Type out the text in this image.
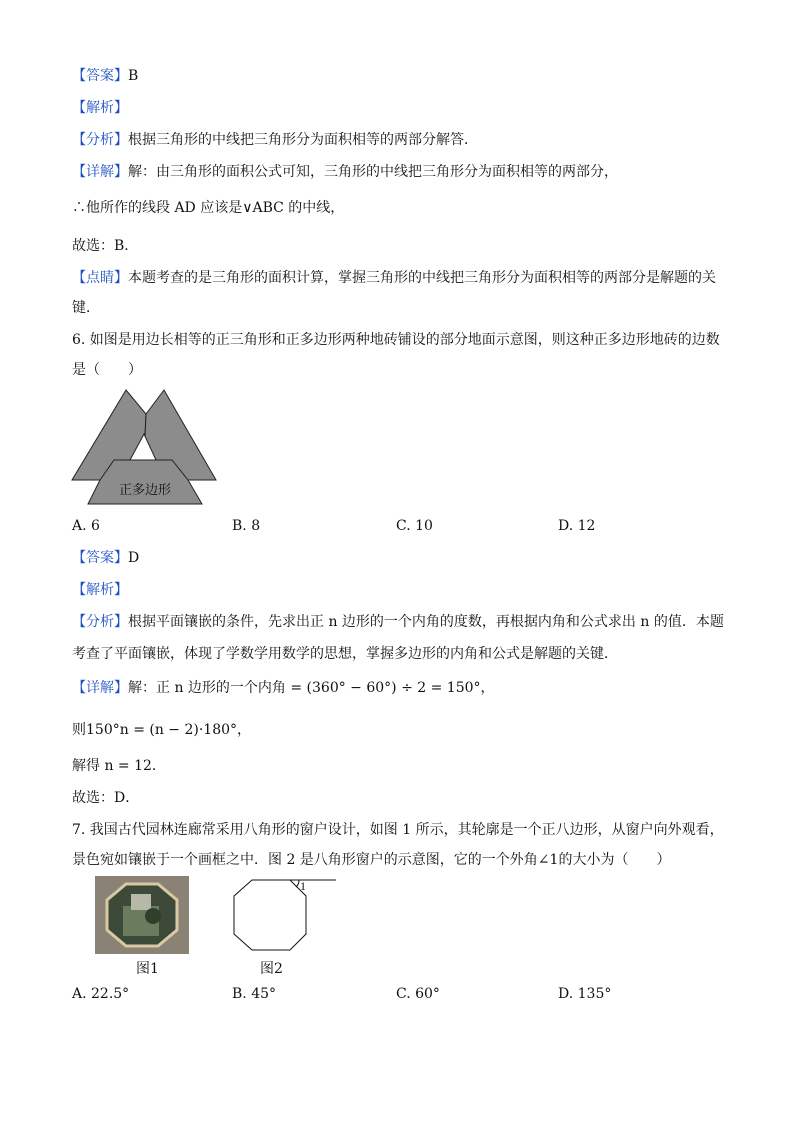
【答案】B
【解析】
【分析】根据三角形的中线把三角形分为面积相等的两部分解答．
【详解】解：由三角形的面积公式可知，三角形的中线把三角形分为面积相等的两部分，
∴他所作的线段 AD 应该是∨ABC 的中线，
故选：B．
【点睛】本题考查的是三角形的面积计算，掌握三角形的中线把三角形分为面积相等的两部分是解题的关
键．
6. 如图是用边长相等的正三角形和正多边形两种地砖铺设的部分地面示意图，则这种正多边形地砖的边数
是（　　）
正多边形
A. 6	B. 8	C. 10	D. 12
【答案】D
【解析】
【分析】根据平面镶嵌的条件，先求出正 n 边形的一个内角的度数，再根据内角和公式求出 n 的值．本题
考查了平面镶嵌，体现了学数学用数学的思想，掌握多边形的内角和公式是解题的关键．
【详解】解：正 n 边形的一个内角 = (360° − 60°) ÷ 2 = 150°，
则150°n = (n − 2)·180°，
解得 n = 12．
故选：D．
7. 我国古代园林连廊常采用八角形的窗户设计，如图 1 所示，其轮廓是一个正八边形，从窗户向外观看，
景色宛如镶嵌于一个画框之中．图 2 是八角形窗户的示意图，它的一个外角∠1的大小为（　　）
1
图1	图2
A. 22.5°	B. 45°	C. 60°	D. 135°
